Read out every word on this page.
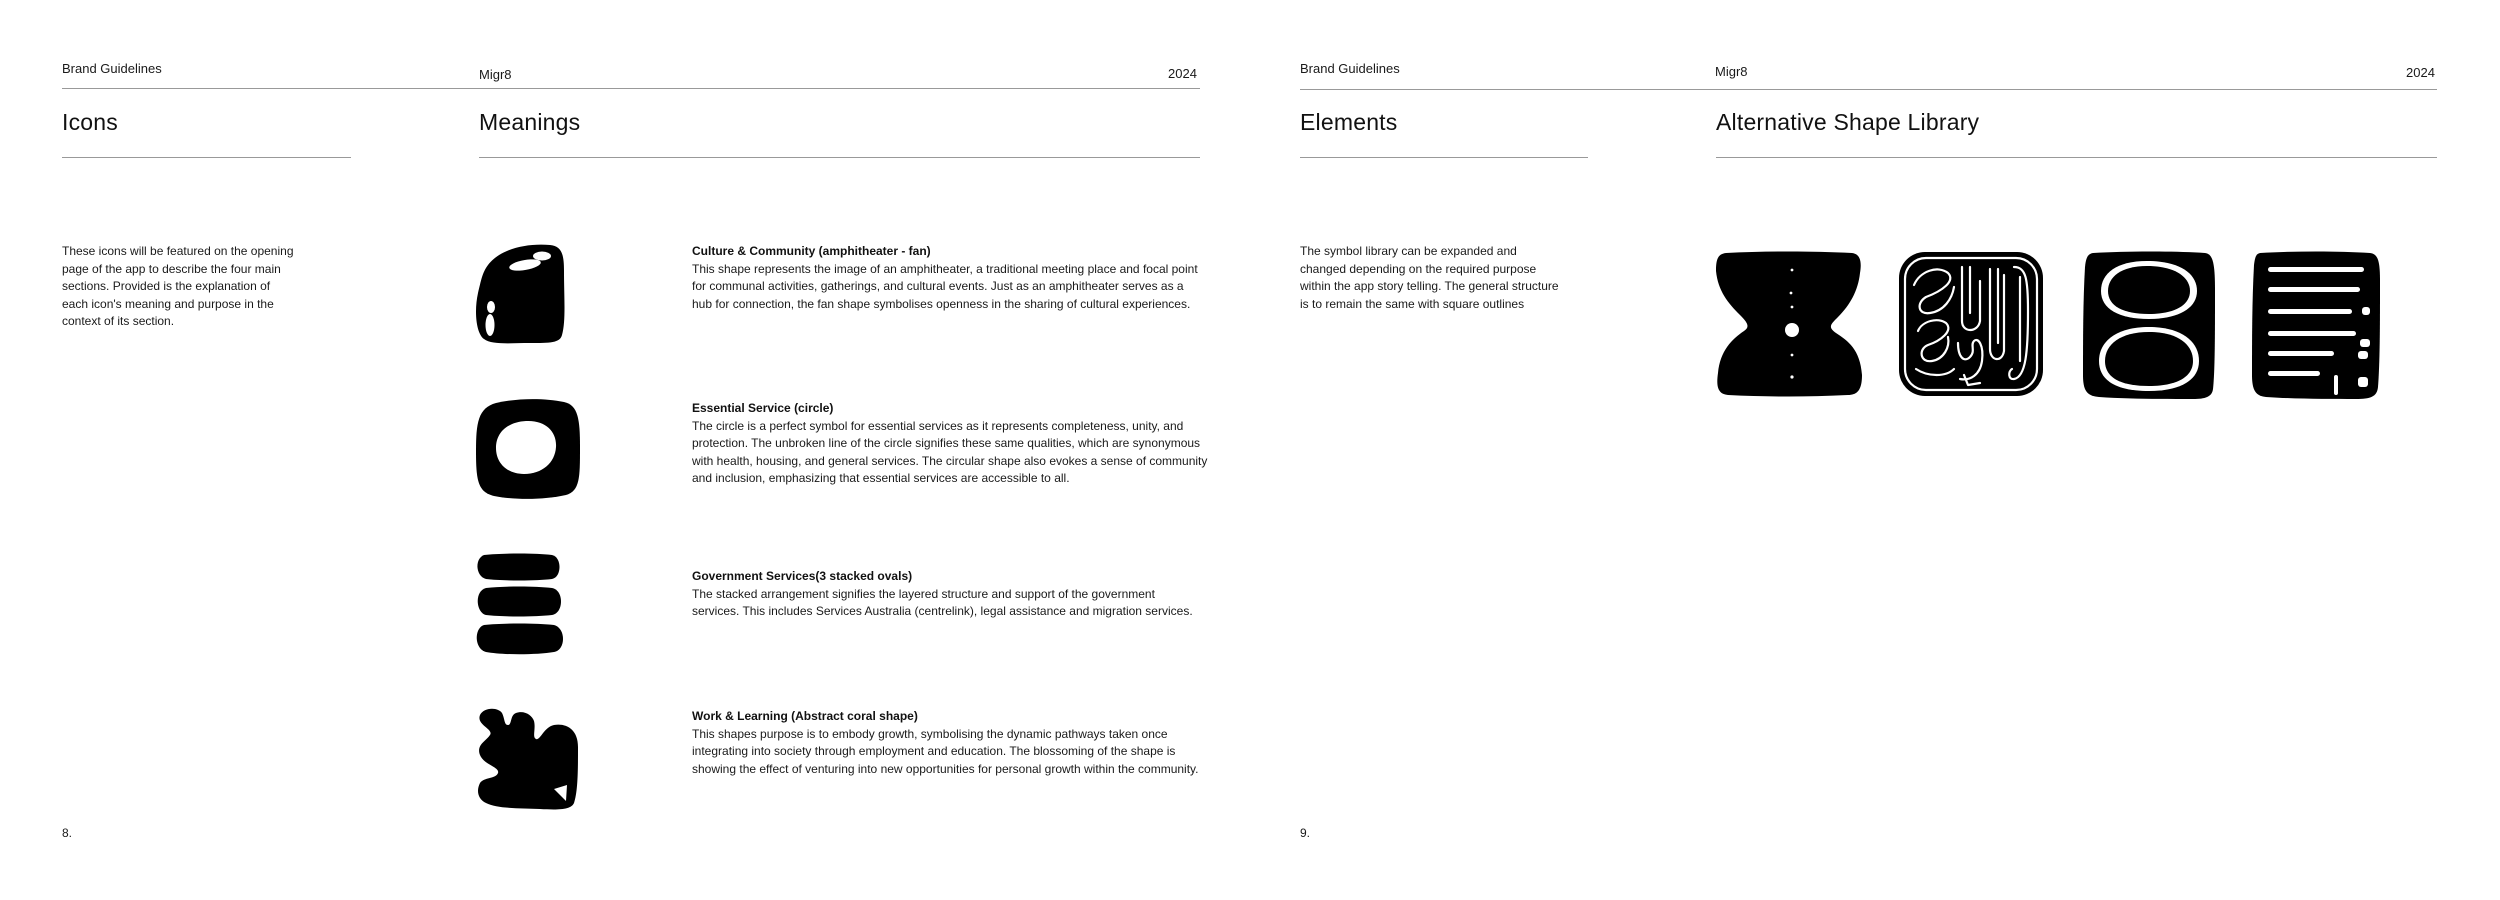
Brand Guidelines	Migr8	2024
Icons	Meanings
These icons will be featured on the opening page of the app to describe the four main sections. Provided is the explanation of each icon's meaning and purpose in the context of its section.
Culture & Community (amphitheater - fan)
This shape represents the image of an amphitheater, a traditional meeting place and focal point for communal activities, gatherings, and cultural events. Just as an amphitheater serves as a hub for connection, the fan shape symbolises openness in the sharing of cultural experiences.
Essential Service (circle)
The circle is a perfect symbol for essential services as it represents completeness, unity, and protection. The unbroken line of the circle signifies these same qualities, which are synonymous with health, housing, and general services. The circular shape also evokes a sense of community and inclusion, emphasizing that essential services are accessible to all.
Government Services(3 stacked ovals)
The stacked arrangement signifies the layered structure and support of the government services. This includes Services Australia (centrelink), legal assistance and migration services.
Work & Learning (Abstract coral shape)
This shapes purpose is to embody growth, symbolising the dynamic pathways taken once integrating into society through employment and education. The blossoming of the shape is showing the effect of venturing into new opportunities for personal growth within the community.
8.
Brand Guidelines	Migr8	2024
Elements	Alternative Shape Library
The symbol library can be expanded and changed depending on the required purpose within the app story telling. The general structure is to remain the same with square outlines
9.
